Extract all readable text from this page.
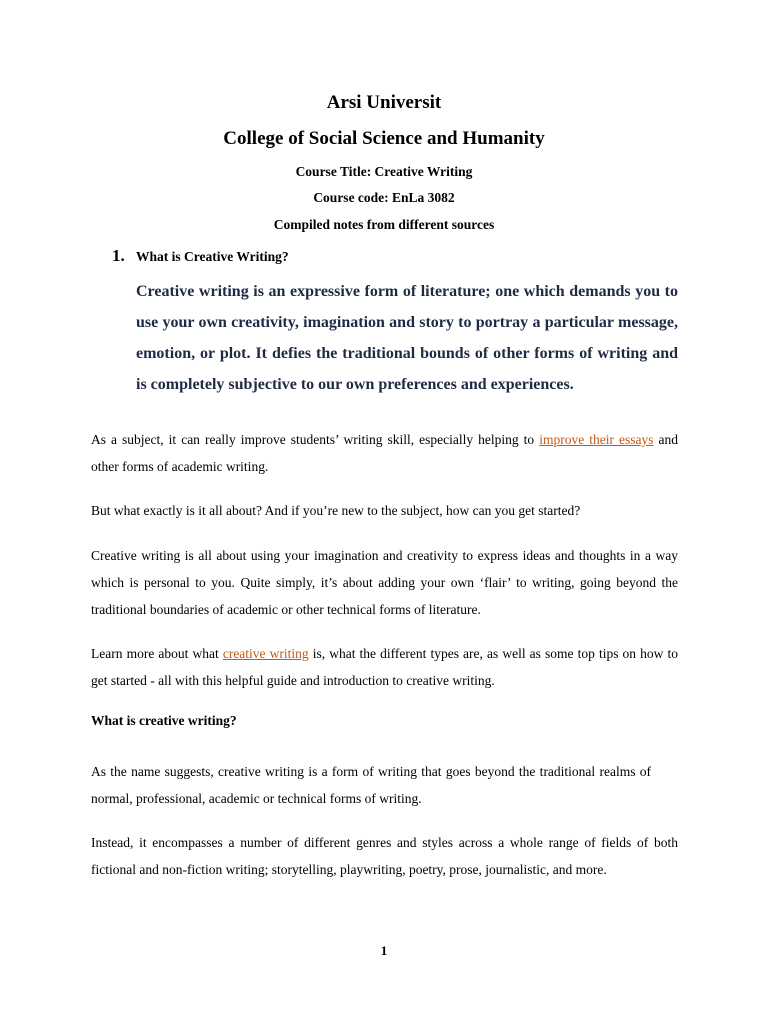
Arsi Universit
College of Social Science and Humanity
Course Title: Creative Writing
Course code: EnLa 3082
Compiled notes from different sources
1. What is Creative Writing?
Creative writing is an expressive form of literature; one which demands you to use your own creativity, imagination and story to portray a particular message, emotion, or plot. It defies the traditional bounds of other forms of writing and is completely subjective to our own preferences and experiences.
As a subject, it can really improve students’ writing skill, especially helping to improve their essays and other forms of academic writing.
But what exactly is it all about? And if you’re new to the subject, how can you get started?
Creative writing is all about using your imagination and creativity to express ideas and thoughts in a way which is personal to you. Quite simply, it’s about adding your own ‘flair’ to writing, going beyond the traditional boundaries of academic or other technical forms of literature.
Learn more about what creative writing is, what the different types are, as well as some top tips on how to get started - all with this helpful guide and introduction to creative writing.
What is creative writing?
As the name suggests, creative writing is a form of writing that goes beyond the traditional realms of normal, professional, academic or technical forms of writing.
Instead, it encompasses a number of different genres and styles across a whole range of fields of both fictional and non-fiction writing; storytelling, playwriting, poetry, prose, journalistic, and more.
1
